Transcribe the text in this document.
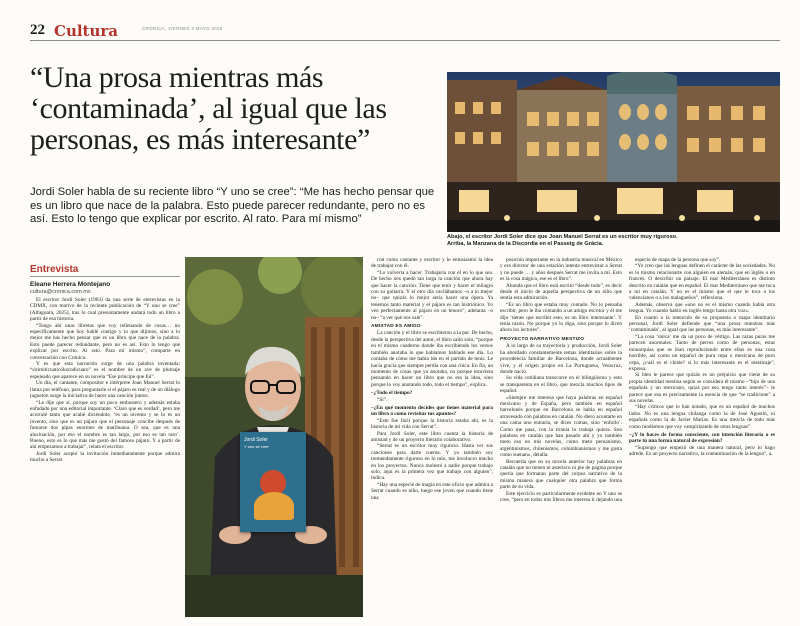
22 Cultura	CRÓNICA, VIERNES 2 MAYO 2025
“Una prosa mientras más ‘contaminada’, al igual que las personas, es más interesante”
Jordi Soler habla de su reciente libro “Y uno se cree”: “Me has hecho pensar que es un libro que nace de la palabra. Esto puede parecer redundante, pero no es así. Esto lo tengo que explicar por escrito. Al rato. Para mí mismo”
Abajo, el escritor Jordi Soler dice que Joan Manuel Serrat es un escritor muy riguroso.
Arriba, la Manzana de la Discordia en el Passeig de Gràcia.
Entrevista
Eleane Herrera Montejano
cultura@cronica.com.mx

El escritor Jordi Soler (1963) da una serie de entrevistas en la CDMX, con motivo de la reciente publicación de “Y uno se cree” (Alfaguara, 2025), tras lo cual presuntamente andará todo un libro a partir de esa historia.

“Tengo ahí unas libretas que voy rellenando de cosas… no específicamente que hoy hablé contigo y lo que dijimos, sino a lo mejor me has hecho pensar que es un libro que nace de la palabra. Esto puede parecer redundante, pero no es así. Esto lo tengo que explicar por escrito. Al rato. Para mí mismo”, comparte en conversación con Crónica.

Y es que esta narración surge de una palabra inventada: “sirimiticuaticókorodicuaro” es el nombre de un ave de plumaje espejeado que aparece en su novela “Ese príncipe que fui”.

Un día, el cantante, compositor e intérprete Joan Manuel Serrat lo llama por teléfono, para preguntarle si el pájaro es real y de un diálogo juguetón surge la iniciativa de hacer una canción juntos.

“Le dije que sí, porque soy un poco embustero y además estaba enfadado por una editorial importante. ‘Claro que es verdad’, pero me acorralé tanto que acabé diciéndole, ‘es un invento y se lo es un invento, sino que es un pájaro que el personaje concibe después de fumarse dos pipas enormes de marihuana. O sea, que es una alucinación, por eso el nombre es tan largo, por eso es tan raro’. Bueno, esto es lo que más me gustó del famoso pájaro. Y a partir de ahí empezamos a trabajar”, relata el escritor.

Jordi Soler aceptó la invitación inmediatamente porque admira mucho a Serrat

Jordi Soler
Y uno se cree

rrat como cantante y escritor y le entusiasmó la idea de trabajar con él.

“Lo volvería a hacer. Trabajaría con él en lo que sea. De hecho nos quedó tan larga la canción que ahora hay que hacer la canción. Tiene que tenir y hacer el milagro con su guitarra. Y el otro día vacilábamos –o a lo mejor no– que quizás lo mejor sería hacer una ópera. Ya tenemos tanto material y el pájaro es tan histriónico. Yo veo perfectamente al pájaro en un tenoro”, adelanta –o no– “a ver qué nos sale”.

AMISTAD ES AMIGO

La canción y el libro se escribieron a la par. De hecho, desde la perspectiva del autor, el libro salió solo, “porque en el mismo cuaderno donde iba escribiendo los versos también anotaba lo que habíamos hablado ese día. Lo contaba de cómo me había ido en el partido de tenis. Le hacía gracia que siempre perdía con una chica. En fin, un momento de cosas que yo anotaba, no porque estuviera pensando en hacer un libro que no era la idea, sino porque lo voy anotando todo, todo el tiempo”, explica.

–¿Todo el tiempo?

“Sí”.

–¿En qué momento decides que tienes material para un libro o como revisitas tus apuntes?

“Este fue fácil porque la historia estaba ahí, es la historia de mi vida con Serrat”.

Para Jordi Soler, este libro cuenta la historia de amistad y de un proyecto literario colaborativo.

“Serrat es un escritor muy riguroso. Hasta ver sus canciones para darte cuenta. Y yo también soy tremendamente riguroso en lo mío, me involucro mucho en los proyectos. Nunca molestó a nadie porque trabajo solo, aquí es la primera vez que trabajo con alguien”, indica.

“Hay una especie de magia en este oficio que admira a Serrat cuando es niño, luego ese joven que cuando tiene una

posición importante en la industria musical en México y era director de una estación intenta entrevistar a Serrat y no puede … y años después Serrat me invita a mí. Esto es la cosa mágica, ese es el libro”.

Ahonda que el libro está escrito “desde todo”, es decir desde el inicio de aquella perspectiva de un niño que sentía esta admiración.

“Es un libro que estaba muy contado. No lo pensaba escribir, pero le iba contando a un amigo escritor y él me dijo ‘tienes que escribir esto, es un libro interesante’. Y tenía razón. No porque yo lo diga, sino porque lo dicen ahora los lectores”.

PROYECTO NARRATIVO MESTIZO

A lo largo de su trayectoria y producción, Jordi Soler ha abordado constantemente temas identitarios sobre la procedencia familiar de Barcelona, donde actualmente vive, y el origen propio en La Portuguesa, Veracruz, donde nació.

Su vida cotidiana transcurre en el bilingüismo y esto se transparenta en el libro, que mezcla muchos tipos de español.

«Siempre me interesa que haya palabras en español mexicano y de España, pero también en español barcelonés porque en Barcelona se habla en español atravesado con palabras en catalán. No diero acontarte en una cama uno entraría, se dices comas, sino ‘enfollo’. Como me pasa, con la tiranía lo trabaja quiera. Son palabras en catalán que han pasado ahí y yo también meto eso en mis novelas, como meto peruanismo, argentinismos, chilenismos, colombianismos y me gusta como suenan», detalla.

Recuerda que en su novela anterior hay palabras en catalán que no tienen ni asterisco ni pie de página porque queria que formaran parte del corpus narrativo de la misma manera que cualquier otra palabra que forma parte de su vida.

Este ejercicio es particularmente evidente en Y uno se cree, “pero en todos mis libros me interesa ir dejando una

especie de mapa de la persona que soy”.

“Yo creo que las lenguas definen el carácter de las sociedades. No es lo mismo relacionarte con alguien en alemán, que en inglés o en francés. O describir un paisaje. El mar Mediterráneo es distinto descrito en catalán que en español. El mar Mediterráneo que me toca a mí en catalán. Y no es el mismo que el que le toca a los valencianos o a los malagueños”, reflexiona.

Además, observa que «uno no es el mismo cuando habla otra lengua. Yo cuando hablo en inglés tengo hasta otra voz».

En cuanto a la intención de su propuesta o mapa identitario personal, Jordi Soler defiende que “una prosa mientras más ‘contaminada’, al igual que las personas, es más interesante”.

“La cosa ‘única’ me da un poco de vértigo. Las razas puras me parecen anormales. Tanto de perros como de personas, estas monarquías que se iban reproduciendo entre ellos es una cosa horrible, así como un español de pura cepa o mexicano de puro cepa, ¿cuál es el chiste? si lo más interesante es el mestizaje”, expresa.

Si bien le parece que quizás es un prejuicio que viene de su propia identidad mestiza según se considera él mismo –“hijo de una española y un mexicano, quizá por eso tengo tanto interés”– le parece que esa es precisamente la esencia de que “se tradicione” a sus novelas.

“Hay críticos que lo han notado, que es un español de muchos lados. No es una lengua chilanga como la de José Agustín, ni española como la de Javier Marías. Es una mezcla de todo más como modismos que voy vampirizando de otras lenguas”.

–¿Y lo haces de forma consciente, con intención literaria o es parte tú una forma natural de expresión?

“Supongo que empezó de una manera natural, pero lo hago adrede. Es un proyecto narrativo, la contaminación de la lengua”, a.
